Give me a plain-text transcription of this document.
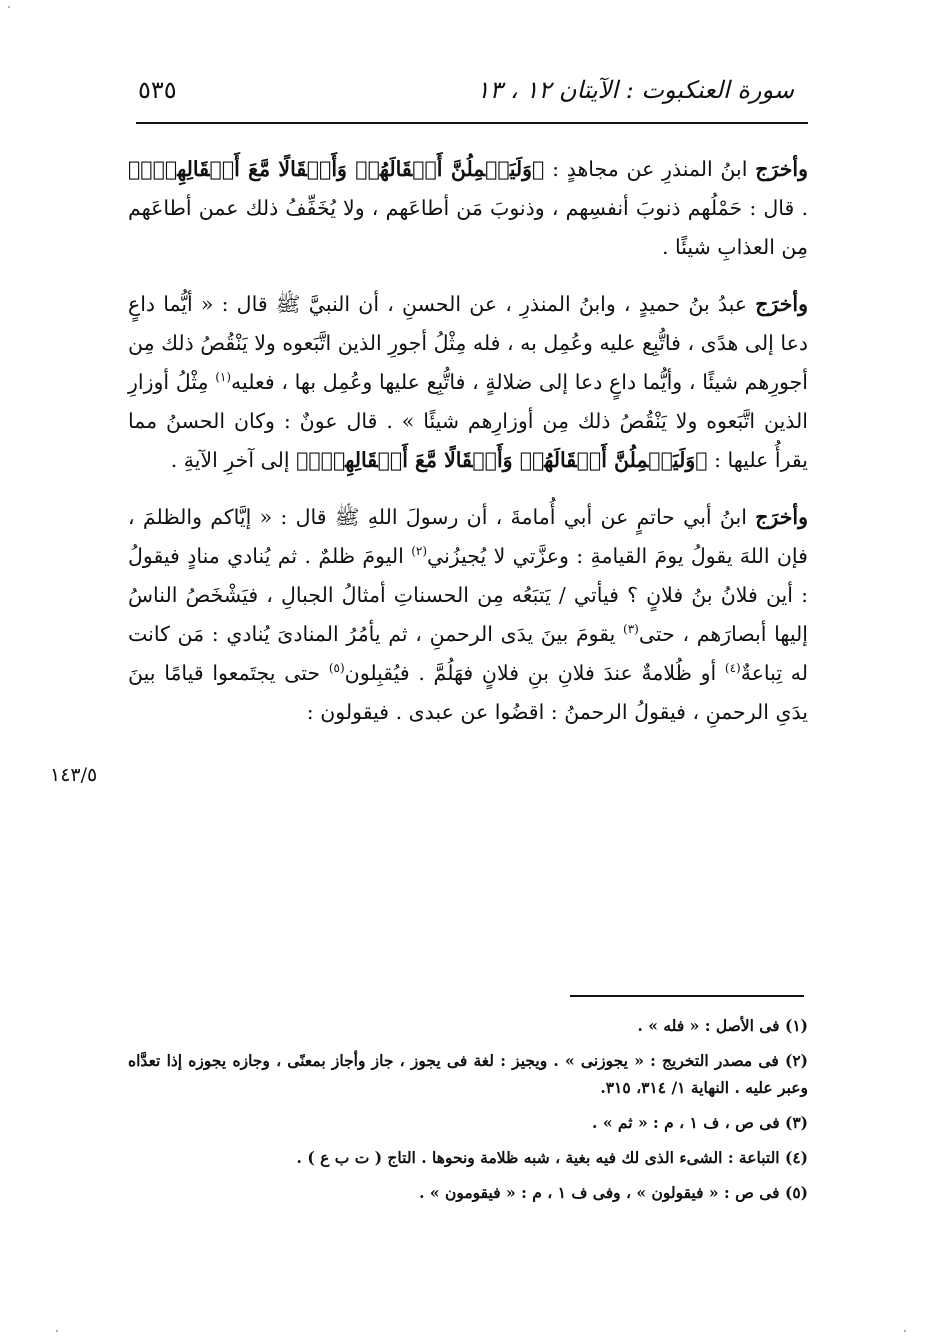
سورة العنكبوت : الآيتان ١٢ ، ١٣
٥٣٥

وأخرَج ابنُ المنذرِ عن مجاهدٍ : ﴿وَلَيَحۡمِلُنَّ أَثۡقَالَهُمۡ وَأَثۡقَالًا مَّعَ أَثۡقَالِهِمۡۖ﴾ . قال : حَمْلُهم ذنوبَ أنفسِهم ، وذنوبَ مَن أطاعَهم ، ولا يُخَفِّفُ ذلك عمن أطاعَهم مِن العذابِ شيئًا .

وأخرَج عبدُ بنُ حميدٍ ، وابنُ المنذرِ ، عن الحسنِ ، أن النبيَّ ﷺ قال : « أيُّما داعٍ دعا إلى هدًى ، فاتُّبِع عليه وعُمِل به ، فله مِثْلُ أجورِ الذين اتَّبَعوه ولا يَنْقُصُ ذلك مِن أجورِهم شيئًا ، وأيُّما داعٍ دعا إلى ضلالةٍ ، فاتُّبِع عليها وعُمِل بها ، فعليه$^{(١)}$ مِثْلُ أوزارِ الذين اتَّبَعوه ولا يَنْقُصُ ذلك مِن أوزارِهم شيئًا » . قال عونٌ : وكان الحسنُ مما يقرأُ عليها : ﴿وَلَيَحۡمِلُنَّ أَثۡقَالَهُمۡ وَأَثۡقَالًا مَّعَ أَثۡقَالِهِمۡۖ﴾ إلى آخرِ الآيةِ .

وأخرَج ابنُ أبي حاتمٍ عن أبي أُمامةَ ، أن رسولَ اللهِ ﷺ قال : « إيَّاكم والظلمَ ، فإن اللهَ يقولُ يومَ القيامةِ : وعزَّتي لا يُجيزُني$^{(٢)}$ اليومَ ظلمٌ . ثم يُنادي منادٍ فيقولُ : أين فلانُ بنُ فلانٍ ؟ فيأتي / يَتبَعُه مِن الحسناتِ أمثالُ الجبالِ ، فيَشْخَصُ الناسُ إليها أبصارَهم ، حتى$^{(٣)}$ يقومَ بينَ يدَى الرحمنِ ، ثم يأمُرُ المنادىَ يُنادي : مَن كانت له تِباعةٌ$^{(٤)}$ أو ظُلامةٌ عندَ فلانِ بنِ فلانٍ فهَلُمَّ . فيُقبِلون$^{(٥)}$ حتى يجتَمعوا قيامًا بينَ يدَىِ الرحمنِ ، فيقولُ الرحمنُ : اقضُوا عن عبدى . فيقولون :

١٤٣/٥

(١) فى الأصل : « فله » .

(٢) فى مصدر التخريج : « يجوزنى » . ويجيز : لغة فى يجوز ، جاز وأجاز بمعنًى ، وجازه يجوزه إذا تعدَّاه وعبر عليه . النهاية ١/ ٣١٤، ٣١٥.

(٣) فى ص ، ف ١ ، م : « ثم » .

(٤) التباعة : الشىء الذى لك فيه بغية ، شبه ظلامة ونحوها . التاج ( ت ب ع ) .

(٥) فى ص : « فيقولون » ، وفى ف ١ ، م : « فيقومون » .
